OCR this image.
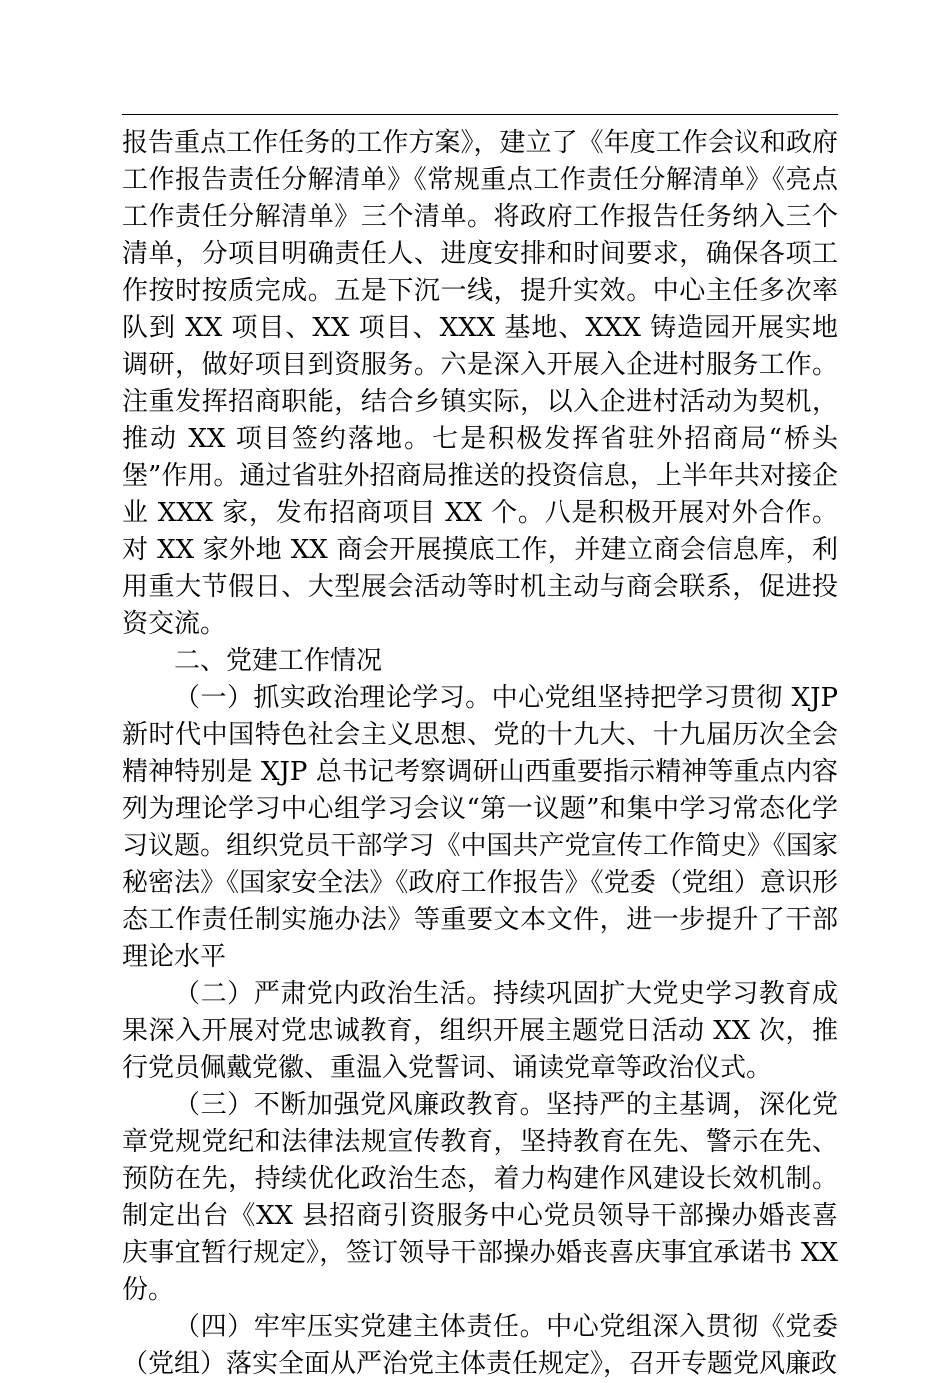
报告重点工作任务的工作方案》，建立了《年度工作会议和政府工作报告责任分解清单》《常规重点工作责任分解清单》《亮点工作责任分解清单》三个清单。将政府工作报告任务纳入三个清单，分项目明确责任人、进度安排和时间要求，确保各项工作按时按质完成。五是下沉一线，提升实效。中心主任多次率队到 XX 项目、XX 项目、XXX 基地、XXX 铸造园开展实地调研，做好项目到资服务。六是深入开展入企进村服务工作。注重发挥招商职能，结合乡镇实际，以入企进村活动为契机，推动 XX 项目签约落地。七是积极发挥省驻外招商局“桥头堡”作用。通过省驻外招商局推送的投资信息，上半年共对接企业 XXX 家，发布招商项目 XX 个。八是积极开展对外合作。对 XX 家外地 XX 商会开展摸底工作，并建立商会信息库，利用重大节假日、大型展会活动等时机主动与商会联系，促进投资交流。

二、党建工作情况

（一）抓实政治理论学习。中心党组坚持把学习贯彻 XJP 新时代中国特色社会主义思想、党的十九大、十九届历次全会精神特别是 XJP 总书记考察调研山西重要指示精神等重点内容列为理论学习中心组学习会议“第一议题”和集中学习常态化学习议题。组织党员干部学习《中国共产党宣传工作简史》《国家秘密法》《国家安全法》《政府工作报告》《党委（党组）意识形态工作责任制实施办法》等重要文本文件，进一步提升了干部理论水平

（二）严肃党内政治生活。持续巩固扩大党史学习教育成果深入开展对党忠诚教育，组织开展主题党日活动 XX 次，推行党员佩戴党徽、重温入党誓词、诵读党章等政治仪式。

（三）不断加强党风廉政教育。坚持严的主基调，深化党章党规党纪和法律法规宣传教育，坚持教育在先、警示在先、预防在先，持续优化政治生态，着力构建作风建设长效机制。制定出台《XX 县招商引资服务中心党员领导干部操办婚丧喜庆事宜暂行规定》，签订领导干部操办婚丧喜庆事宜承诺书 XX 份。

（四）牢牢压实党建主体责任。中心党组深入贯彻《党委（党组）落实全面从严治党主体责任规定》，召开专题党风廉政
